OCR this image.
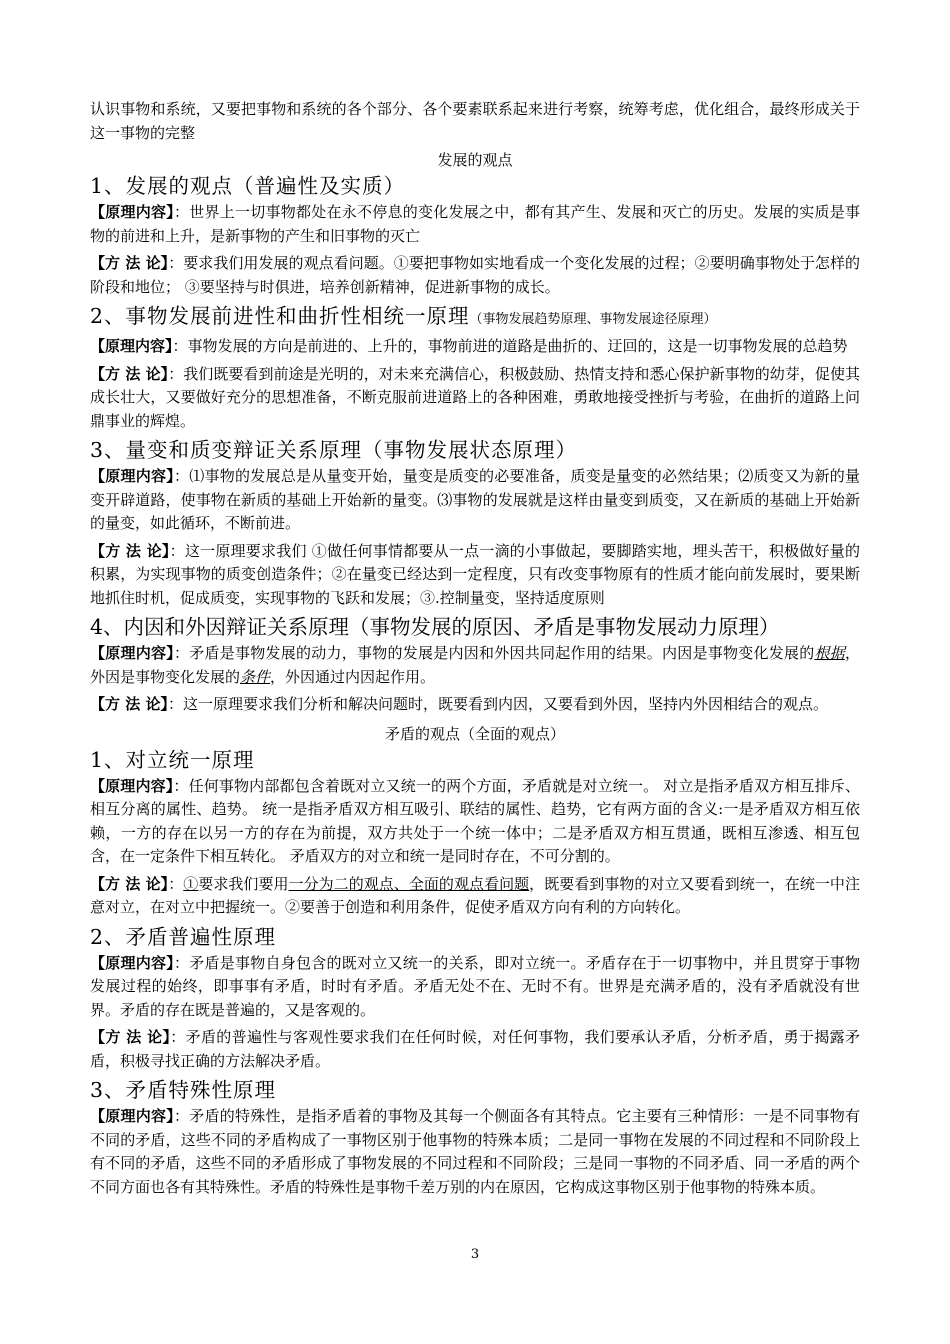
认识事物和系统，又要把事物和系统的各个部分、各个要素联系起来进行考察，统筹考虑，优化组合，最终形成关于这一事物的完整

发展的观点
1、发展的观点（普遍性及实质）

【原理内容】：世界上一切事物都处在永不停息的变化发展之中，都有其产生、发展和灭亡的历史。发展的实质是事物的前进和上升，是新事物的产生和旧事物的灭亡

【方 法 论】：要求我们用发展的观点看问题。①要把事物如实地看成一个变化发展的过程；②要明确事物处于怎样的阶段和地位； ③要坚持与时俱进，培养创新精神，促进新事物的成长。

2、事物发展前进性和曲折性相统一原理（事物发展趋势原理、事物发展途径原理）

【原理内容】：事物发展的方向是前进的、上升的，事物前进的道路是曲折的、迂回的，这是一切事物发展的总趋势

【方 法 论】：我们既要看到前途是光明的，对未来充满信心，积极鼓励、热情支持和悉心保护新事物的幼芽，促使其成长壮大，又要做好充分的思想准备，不断克服前进道路上的各种困难，勇敢地接受挫折与考验，在曲折的道路上问鼎事业的辉煌。

3、量变和质变辩证关系原理（事物发展状态原理）

【原理内容】：⑴事物的发展总是从量变开始，量变是质变的必要准备，质变是量变的必然结果；⑵质变又为新的量变开辟道路，使事物在新质的基础上开始新的量变。⑶事物的发展就是这样由量变到质变，又在新质的基础上开始新的量变，如此循环，不断前进。

【方 法 论】：这一原理要求我们 ①做任何事情都要从一点一滴的小事做起，要脚踏实地，埋头苦干，积极做好量的积累，为实现事物的质变创造条件；②在量变已经达到一定程度，只有改变事物原有的性质才能向前发展时，要果断地抓住时机，促成质变，实现事物的飞跃和发展；③.控制量变，坚持适度原则

4、内因和外因辩证关系原理（事物发展的原因、矛盾是事物发展动力原理）

【原理内容】：矛盾是事物发展的动力，事物的发展是内因和外因共同起作用的结果。内因是事物变化发展的根据，外因是事物变化发展的条件，外因通过内因起作用。

【方 法 论】：这一原理要求我们分析和解决问题时，既要看到内因，又要看到外因，坚持内外因相结合的观点。

矛盾的观点（全面的观点）
1、对立统一原理

【原理内容】：任何事物内部都包含着既对立又统一的两个方面，矛盾就是对立统一。 对立是指矛盾双方相互排斥、相互分离的属性、趋势。 统一是指矛盾双方相互吸引、联结的属性、趋势，它有两方面的含义:一是矛盾双方相互依赖，一方的存在以另一方的存在为前提，双方共处于一个统一体中；二是矛盾双方相互贯通，既相互渗透、相互包含，在一定条件下相互转化。 矛盾双方的对立和统一是同时存在，不可分割的。

【方 法 论】：①要求我们要用一分为二的观点、全面的观点看问题，既要看到事物的对立又要看到统一，在统一中注意对立，在对立中把握统一。②要善于创造和利用条件，促使矛盾双方向有利的方向转化。

2、矛盾普遍性原理

【原理内容】：矛盾是事物自身包含的既对立又统一的关系，即对立统一。矛盾存在于一切事物中，并且贯穿于事物发展过程的始终，即事事有矛盾，时时有矛盾。矛盾无处不在、无时不有。世界是充满矛盾的，没有矛盾就没有世界。矛盾的存在既是普遍的，又是客观的。

【方 法 论】：矛盾的普遍性与客观性要求我们在任何时候，对任何事物，我们要承认矛盾，分析矛盾，勇于揭露矛盾，积极寻找正确的方法解决矛盾。

3、矛盾特殊性原理

【原理内容】：矛盾的特殊性，是指矛盾着的事物及其每一个侧面各有其特点。它主要有三种情形：一是不同事物有不同的矛盾，这些不同的矛盾构成了一事物区别于他事物的特殊本质；二是同一事物在发展的不同过程和不同阶段上有不同的矛盾，这些不同的矛盾形成了事物发展的不同过程和不同阶段；三是同一事物的不同矛盾、同一矛盾的两个不同方面也各有其特殊性。矛盾的特殊性是事物千差万别的内在原因，它构成这事物区别于他事物的特殊本质。

3
